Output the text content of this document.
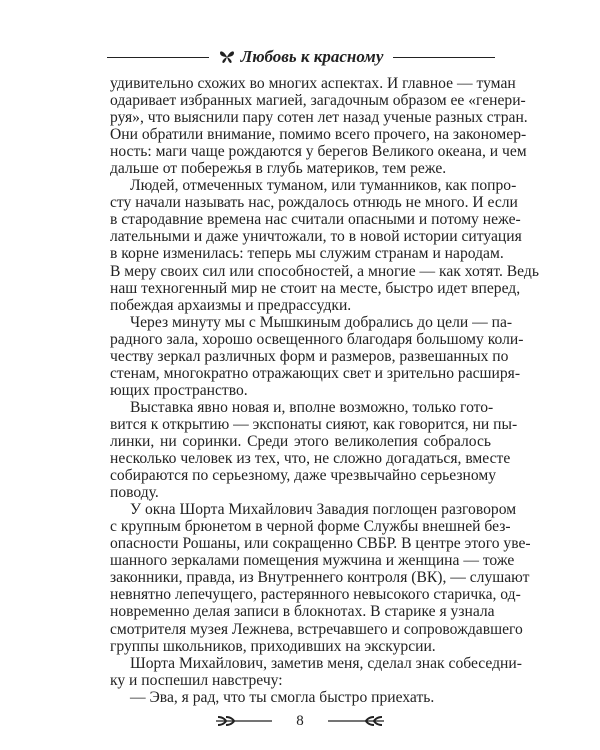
Любовь к красному
удивительно схожих во многих аспектах. И главное — туман
одаривает избранных магией, загадочным образом ее «генери-
руя», что выяснили пару сотен лет назад ученые разных стран.
Они обратили внимание, помимо всего прочего, на закономер-
ность: маги чаще рождаются у берегов Великого океана, и чем
дальше от побережья в глубь материков, тем реже.
Людей, отмеченных туманом, или туманников, как попро-
сту начали называть нас, рождалось отнюдь не много. И если
в стародавние времена нас считали опасными и потому неже-
лательными и даже уничтожали, то в новой истории ситуация
в корне изменилась: теперь мы служим странам и народам.
В меру своих сил или способностей, а многие — как хотят. Ведь
наш техногенный мир не стоит на месте, быстро идет вперед,
побеждая архаизмы и предрассудки.
Через минуту мы с Мышкиным добрались до цели — па-
радного зала, хорошо освещенного благодаря большому коли-
честву зеркал различных форм и размеров, развешанных по
стенам, многократно отражающих свет и зрительно расширя-
ющих пространство.
Выставка явно новая и, вполне возможно, только гото-
вится к открытию — экспонаты сияют, как говорится, ни пы-
линки, ни соринки. Среди этого великолепия собралось
несколько человек из тех, что, не сложно догадаться, вместе
собираются по серьезному, даже чрезвычайно серьезному
поводу.
У окна Шорта Михайлович Завадия поглощен разговором
с крупным брюнетом в черной форме Службы внешней без-
опасности Рошаны, или сокращенно СВБР. В центре этого уве-
шанного зеркалами помещения мужчина и женщина — тоже
законники, правда, из Внутреннего контроля (ВК), — слушают
невнятно лепечущего, растерянного невысокого старичка, од-
новременно делая записи в блокнотах. В старике я узнала
смотрителя музея Лежнева, встречавшего и сопровождавшего
группы школьников, приходивших на экскурсии.
Шорта Михайлович, заметив меня, сделал знак собеседни-
ку и поспешил навстречу:
— Эва, я рад, что ты смогла быстро приехать.
8
